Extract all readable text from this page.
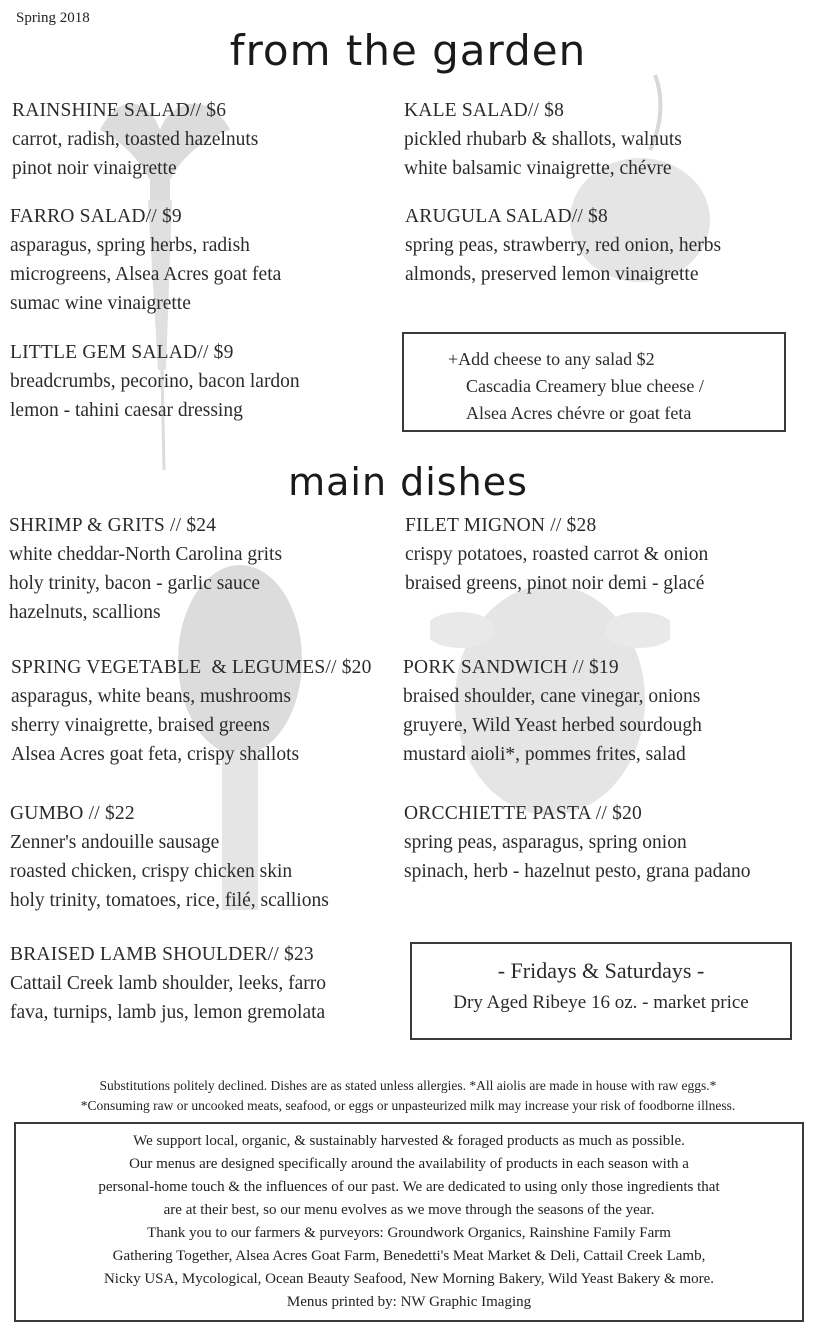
Spring 2018
from the garden
RAINSHINE SALAD// $6
carrot, radish, toasted hazelnuts
pinot noir vinaigrette
KALE SALAD// $8
pickled rhubarb & shallots, walnuts
white balsamic vinaigrette, chévre
FARRO SALAD// $9
asparagus, spring herbs, radish
microgreens, Alsea Acres goat feta
sumac wine vinaigrette
ARUGULA SALAD// $8
spring peas, strawberry, red onion, herbs
almonds, preserved lemon vinaigrette
LITTLE GEM SALAD// $9
breadcrumbs, pecorino, bacon lardon
lemon - tahini caesar dressing
+Add cheese to any salad $2
Cascadia Creamery blue cheese /
Alsea Acres chévre or goat feta
main dishes
SHRIMP & GRITS // $24
white cheddar-North Carolina grits
holy trinity, bacon - garlic sauce
hazelnuts, scallions
FILET MIGNON // $28
crispy potatoes, roasted carrot & onion
braised greens, pinot noir demi - glacé
SPRING VEGETABLE  & LEGUMES// $20
asparagus, white beans, mushrooms
sherry vinaigrette, braised greens
Alsea Acres goat feta, crispy shallots
PORK SANDWICH // $19
braised shoulder, cane vinegar, onions
gruyere, Wild Yeast herbed sourdough
mustard aioli*, pommes frites, salad
GUMBO // $22
Zenner's andouille sausage
roasted chicken, crispy chicken skin
holy trinity, tomatoes, rice, filé, scallions
ORCCHIETTE PASTA // $20
spring peas, asparagus, spring onion
spinach, herb - hazelnut pesto, grana padano
BRAISED LAMB SHOULDER// $23
Cattail Creek lamb shoulder, leeks, farro
fava, turnips, lamb jus, lemon gremolata
- Fridays & Saturdays -
Dry Aged Ribeye 16 oz. - market price
Substitutions politely declined. Dishes are as stated unless allergies. *All aiolis are made in house with raw eggs.*
*Consuming raw or uncooked meats, seafood, or eggs or unpasteurized milk may increase your risk of foodborne illness.
We support local, organic, & sustainably harvested & foraged products as much as possible.
Our menus are designed specifically around the availability of products in each season with a
personal-home touch & the influences of our past. We are dedicated to using only those ingredients that
are at their best, so our menu evolves as we move through the seasons of the year.
Thank you to our farmers & purveyors: Groundwork Organics, Rainshine Family Farm
Gathering Together, Alsea Acres Goat Farm, Benedetti's Meat Market & Deli, Cattail Creek Lamb,
Nicky USA, Mycological, Ocean Beauty Seafood, New Morning Bakery, Wild Yeast Bakery & more.
Menus printed by: NW Graphic Imaging
